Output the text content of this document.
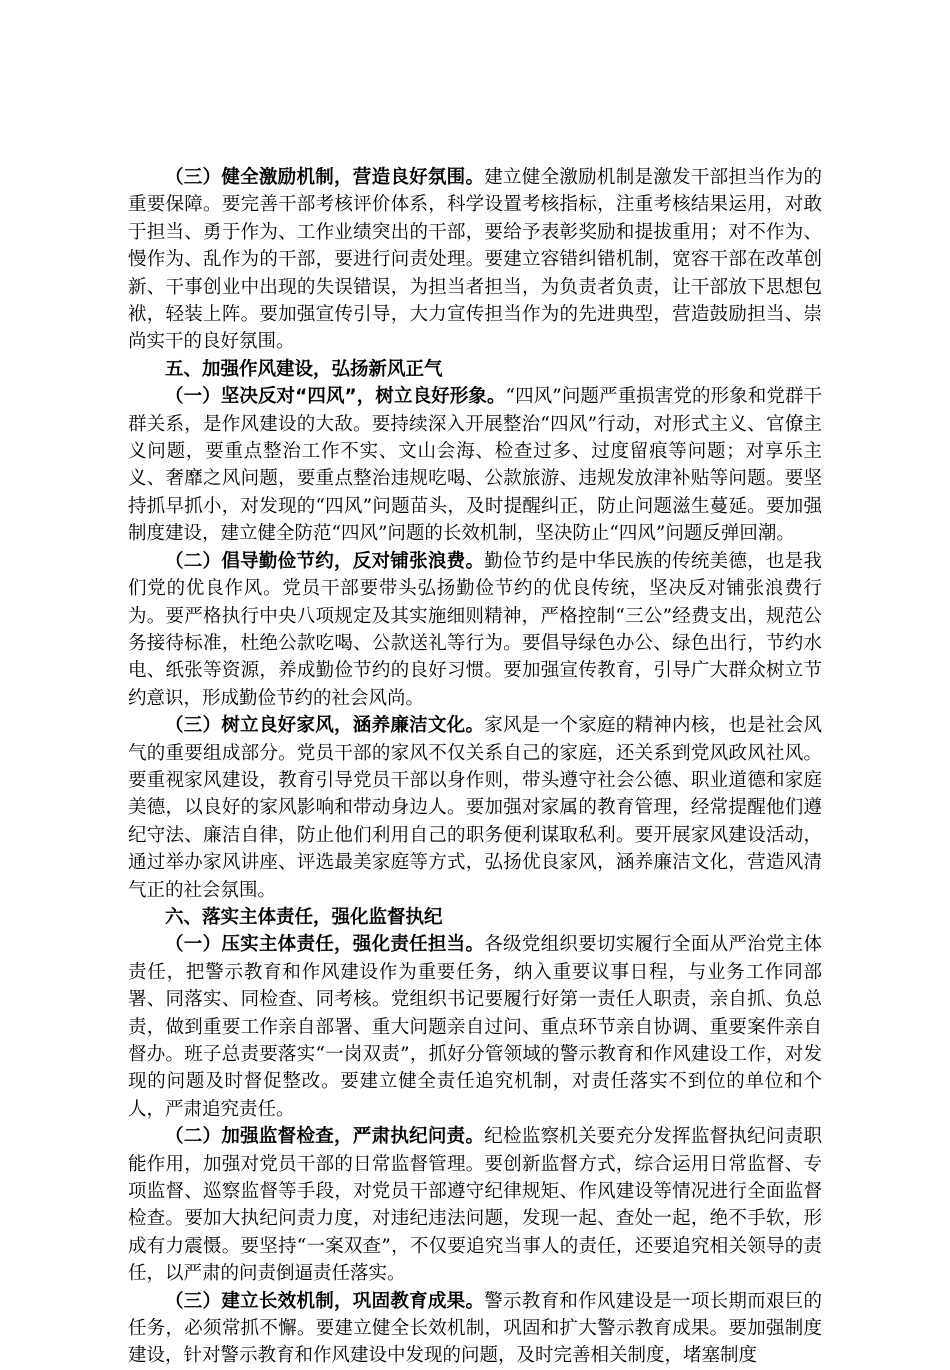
（三）健全激励机制，营造良好氛围。建立健全激励机制是激发干部担当作为的重要保障。要完善干部考核评价体系，科学设置考核指标，注重考核结果运用，对敢于担当、勇于作为、工作业绩突出的干部，要给予表彰奖励和提拔重用；对不作为、慢作为、乱作为的干部，要进行问责处理。要建立容错纠错机制，宽容干部在改革创新、干事创业中出现的失误错误，为担当者担当，为负责者负责，让干部放下思想包袱，轻装上阵。要加强宣传引导，大力宣传担当作为的先进典型，营造鼓励担当、崇尚实干的良好氛围。

五、加强作风建设，弘扬新风正气

（一）坚决反对“四风”，树立良好形象。“四风”问题严重损害党的形象和党群干群关系，是作风建设的大敌。要持续深入开展整治“四风”行动，对形式主义、官僚主义问题，要重点整治工作不实、文山会海、检查过多、过度留痕等问题；对享乐主义、奢靡之风问题，要重点整治违规吃喝、公款旅游、违规发放津补贴等问题。要坚持抓早抓小，对发现的“四风”问题苗头，及时提醒纠正，防止问题滋生蔓延。要加强制度建设，建立健全防范“四风”问题的长效机制，坚决防止“四风”问题反弹回潮。

（二）倡导勤俭节约，反对铺张浪费。勤俭节约是中华民族的传统美德，也是我们党的优良作风。党员干部要带头弘扬勤俭节约的优良传统，坚决反对铺张浪费行为。要严格执行中央八项规定及其实施细则精神，严格控制“三公”经费支出，规范公务接待标准，杜绝公款吃喝、公款送礼等行为。要倡导绿色办公、绿色出行，节约水电、纸张等资源，养成勤俭节约的良好习惯。要加强宣传教育，引导广大群众树立节约意识，形成勤俭节约的社会风尚。

（三）树立良好家风，涵养廉洁文化。家风是一个家庭的精神内核，也是社会风气的重要组成部分。党员干部的家风不仅关系自己的家庭，还关系到党风政风社风。要重视家风建设，教育引导党员干部以身作则，带头遵守社会公德、职业道德和家庭美德，以良好的家风影响和带动身边人。要加强对家属的教育管理，经常提醒他们遵纪守法、廉洁自律，防止他们利用自己的职务便利谋取私利。要开展家风建设活动，通过举办家风讲座、评选最美家庭等方式，弘扬优良家风，涵养廉洁文化，营造风清气正的社会氛围。

六、落实主体责任，强化监督执纪

（一）压实主体责任，强化责任担当。各级党组织要切实履行全面从严治党主体责任，把警示教育和作风建设作为重要任务，纳入重要议事日程，与业务工作同部署、同落实、同检查、同考核。党组织书记要履行好第一责任人职责，亲自抓、负总责，做到重要工作亲自部署、重大问题亲自过问、重点环节亲自协调、重要案件亲自督办。班子总责要落实“一岗双责”，抓好分管领域的警示教育和作风建设工作，对发现的问题及时督促整改。要建立健全责任追究机制，对责任落实不到位的单位和个人，严肃追究责任。

（二）加强监督检查，严肃执纪问责。纪检监察机关要充分发挥监督执纪问责职能作用，加强对党员干部的日常监督管理。要创新监督方式，综合运用日常监督、专项监督、巡察监督等手段，对党员干部遵守纪律规矩、作风建设等情况进行全面监督检查。要加大执纪问责力度，对违纪违法问题，发现一起、查处一起，绝不手软，形成有力震慑。要坚持“一案双查”，不仅要追究当事人的责任，还要追究相关领导的责任，以严肃的问责倒逼责任落实。

（三）建立长效机制，巩固教育成果。警示教育和作风建设是一项长期而艰巨的任务，必须常抓不懈。要建立健全长效机制，巩固和扩大警示教育成果。要加强制度建设，针对警示教育和作风建设中发现的问题，及时完善相关制度，堵塞制度
